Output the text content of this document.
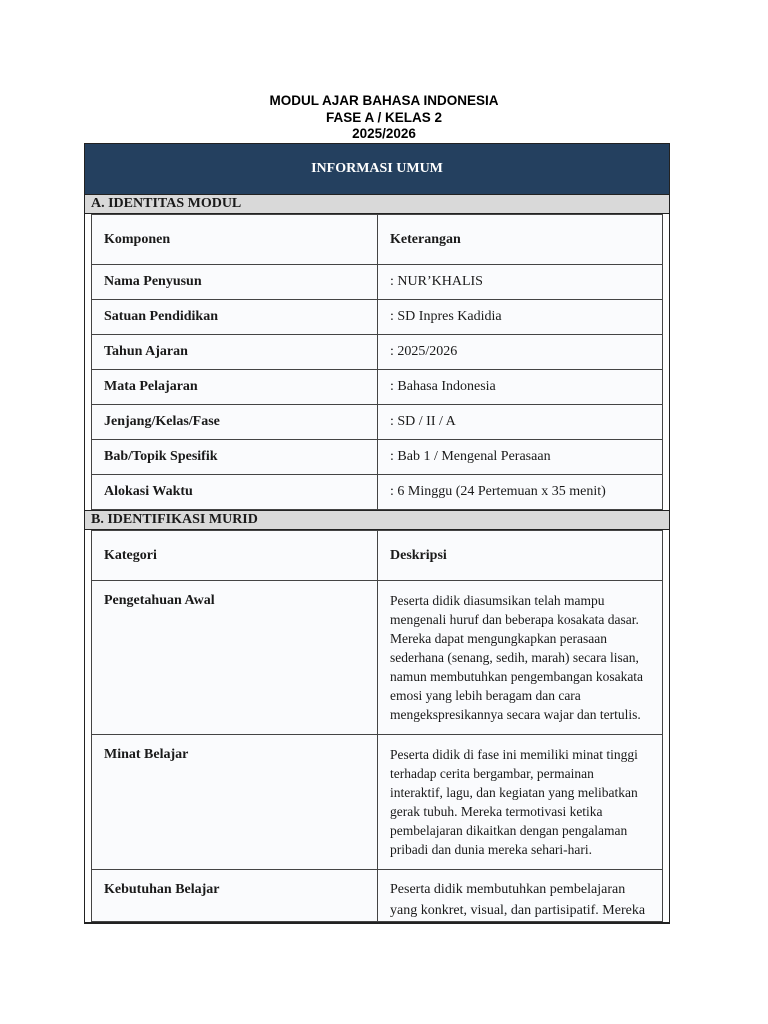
MODUL AJAR BAHASA INDONESIA
FASE A / KELAS 2
2025/2026
INFORMASI UMUM
A. IDENTITAS MODUL
Komponen	Keterangan
Nama Penyusun	: NUR’KHALIS
Satuan Pendidikan	: SD Inpres Kadidia
Tahun Ajaran	: 2025/2026
Mata Pelajaran	: Bahasa Indonesia
Jenjang/Kelas/Fase	: SD / II / A
Bab/Topik Spesifik	: Bab 1 / Mengenal Perasaan
Alokasi Waktu	: 6 Minggu (24 Pertemuan x 35 menit)
B. IDENTIFIKASI MURID
Kategori	Deskripsi
Pengetahuan Awal	Peserta didik diasumsikan telah mampu mengenali huruf dan beberapa kosakata dasar. Mereka dapat mengungkapkan perasaan sederhana (senang, sedih, marah) secara lisan, namun membutuhkan pengembangan kosakata emosi yang lebih beragam dan cara mengekspresikannya secara wajar dan tertulis.
Minat Belajar	Peserta didik di fase ini memiliki minat tinggi terhadap cerita bergambar, permainan interaktif, lagu, dan kegiatan yang melibatkan gerak tubuh. Mereka termotivasi ketika pembelajaran dikaitkan dengan pengalaman pribadi dan dunia mereka sehari-hari.
Kebutuhan Belajar	Peserta didik membutuhkan pembelajaran yang konkret, visual, dan partisipatif. Mereka
